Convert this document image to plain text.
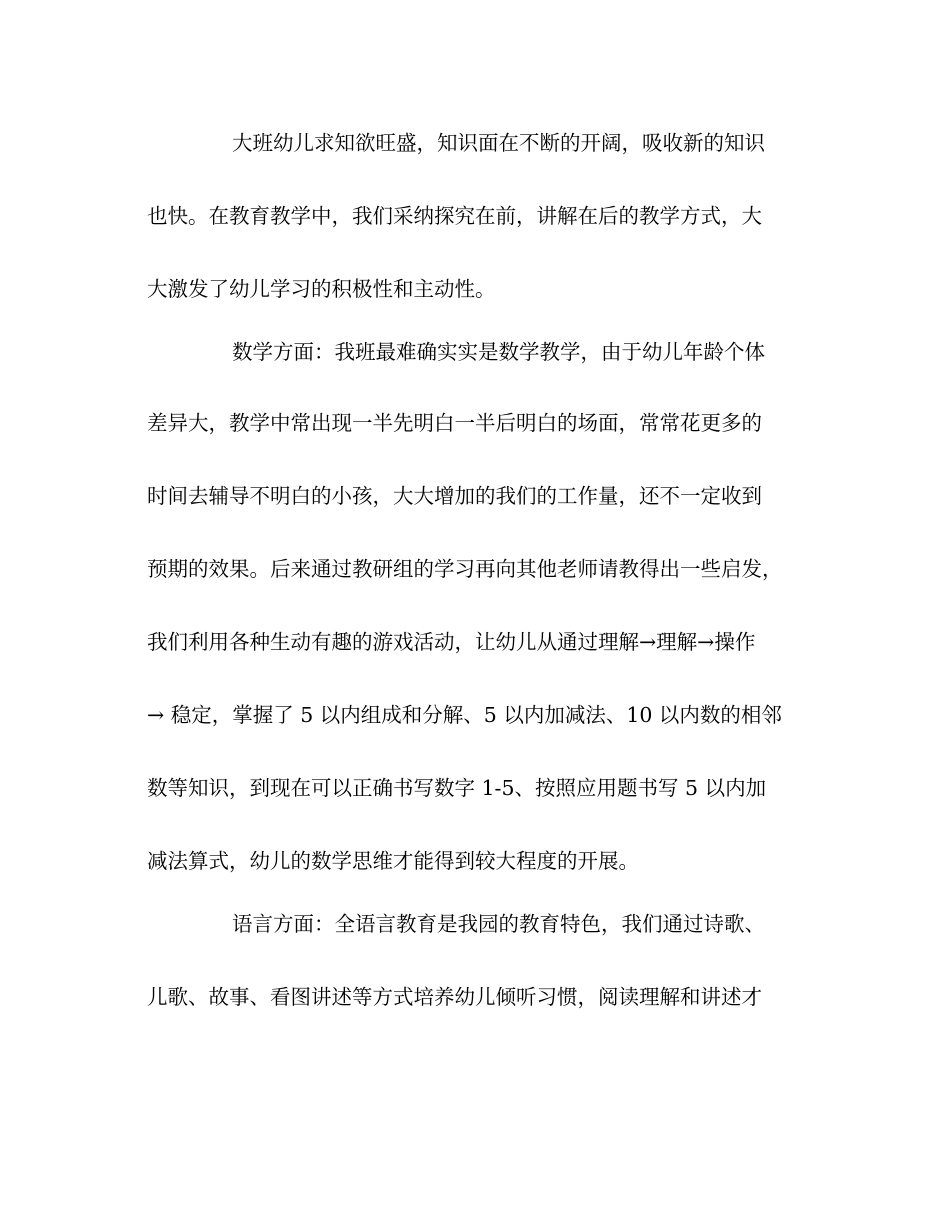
大班幼儿求知欲旺盛，知识面在不断的开阔，吸收新的知识

也快。在教育教学中，我们采纳探究在前，讲解在后的教学方式，大

大激发了幼儿学习的积极性和主动性。

数学方面：我班最难确实实是数学教学，由于幼儿年龄个体

差异大，教学中常出现一半先明白一半后明白的场面，常常花更多的

时间去辅导不明白的小孩，大大增加的我们的工作量，还不一定收到

预期的效果。后来通过教研组的学习再向其他老师请教得出一些启发，

我们利用各种生动有趣的游戏活动，让幼儿从通过理解→理解→操作

→ 稳定，掌握了 5 以内组成和分解、5 以内加减法、10 以内数的相邻

数等知识，到现在可以正确书写数字 1-5、按照应用题书写 5 以内加

减法算式，幼儿的数学思维才能得到较大程度的开展。

语言方面：全语言教育是我园的教育特色，我们通过诗歌、

儿歌、故事、看图讲述等方式培养幼儿倾听习惯，阅读理解和讲述才
